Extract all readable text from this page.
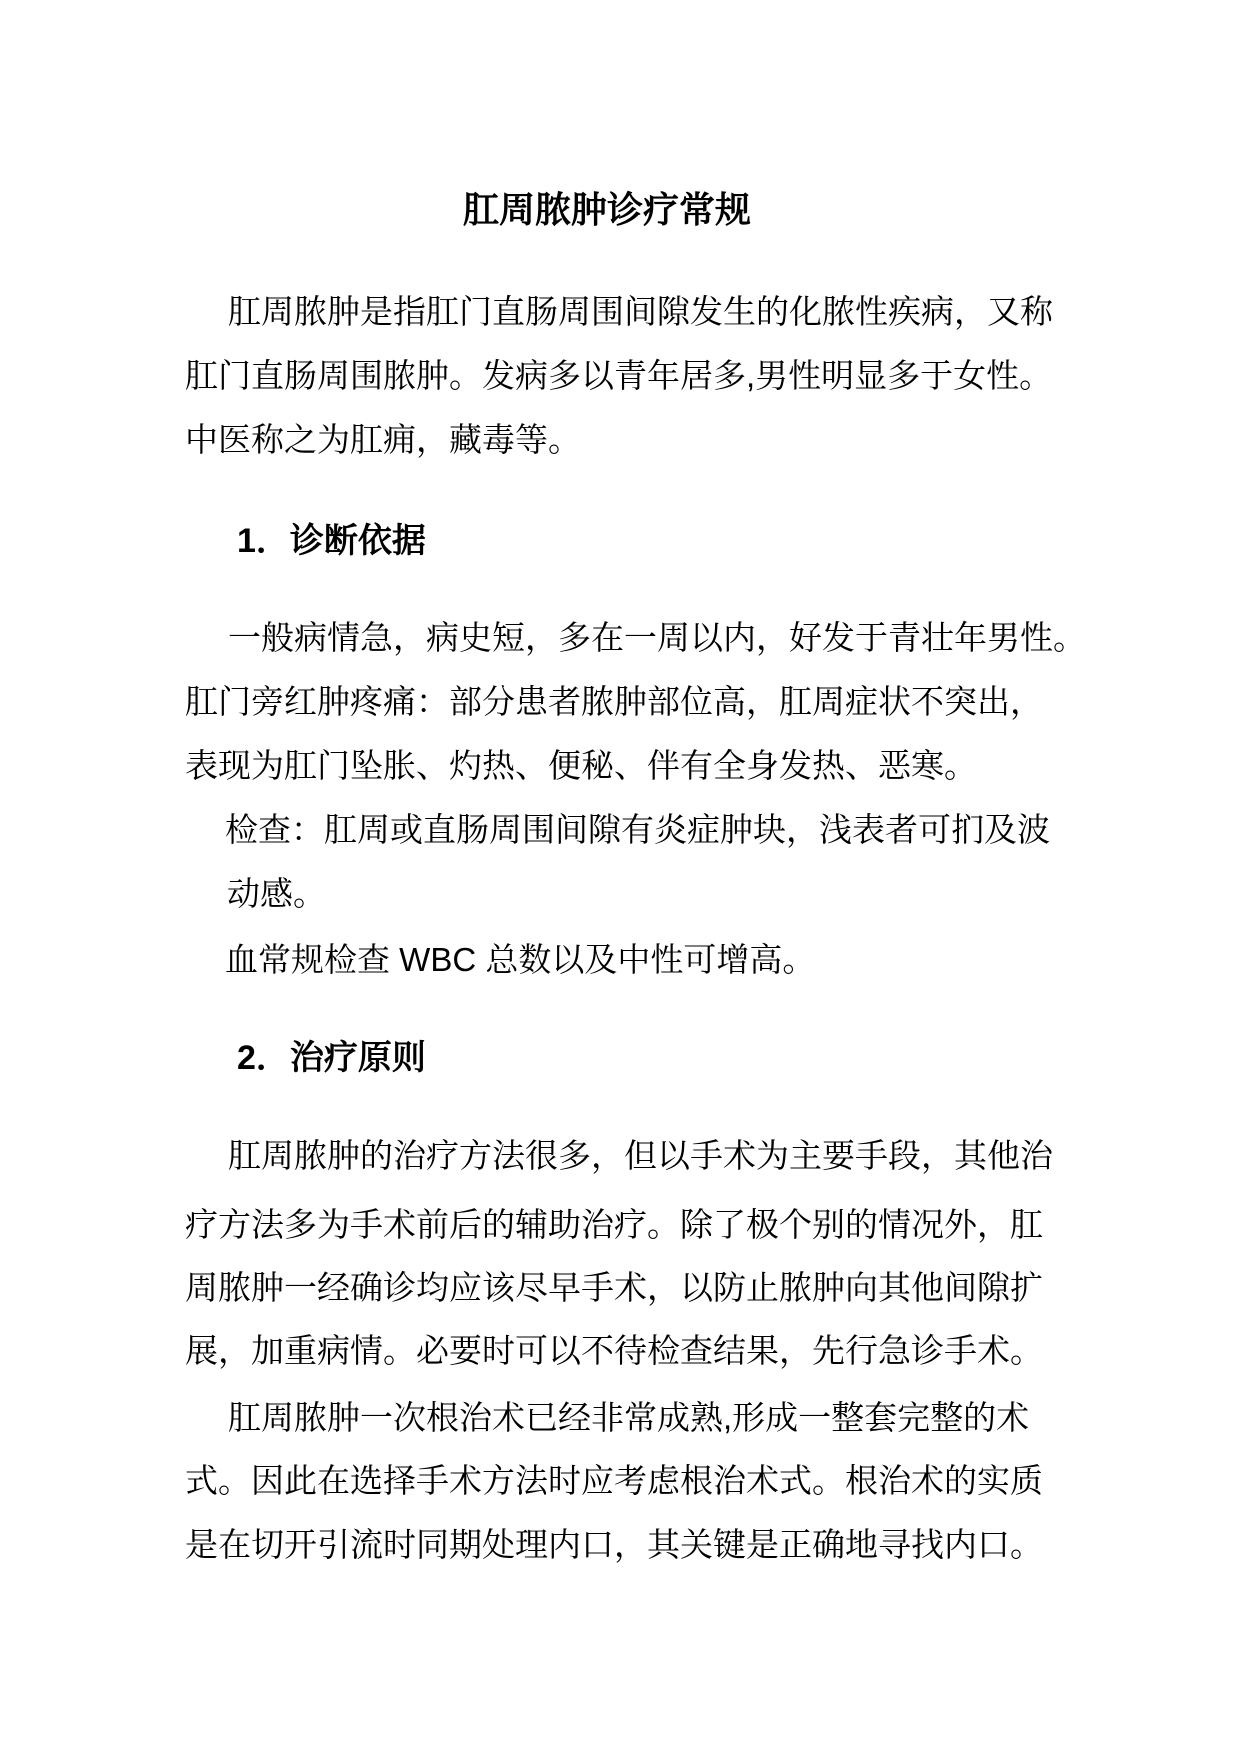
肛周脓肿诊疗常规
肛周脓肿是指肛门直肠周围间隙发生的化脓性疾病，又称
肛门直肠周围脓肿。发病多以青年居多,男性明显多于女性。
中医称之为肛痈，藏毒等。
1．诊断依据
一般病情急，病史短，多在一周以内，好发于青壮年男性。
肛门旁红肿疼痛：部分患者脓肿部位高，肛周症状不突出，
表现为肛门坠胀、灼热、便秘、伴有全身发热、恶寒。
检查：肛周或直肠周围间隙有炎症肿块，浅表者可扪及波
动感。
血常规检查 WBC 总数以及中性可增高。
2．治疗原则
肛周脓肿的治疗方法很多，但以手术为主要手段，其他治
疗方法多为手术前后的辅助治疗。除了极个别的情况外，肛
周脓肿一经确诊均应该尽早手术，以防止脓肿向其他间隙扩
展，加重病情。必要时可以不待检查结果，先行急诊手术。
肛周脓肿一次根治术已经非常成熟,形成一整套完整的术
式。因此在选择手术方法时应考虑根治术式。根治术的实质
是在切开引流时同期处理内口，其关键是正确地寻找内口。
